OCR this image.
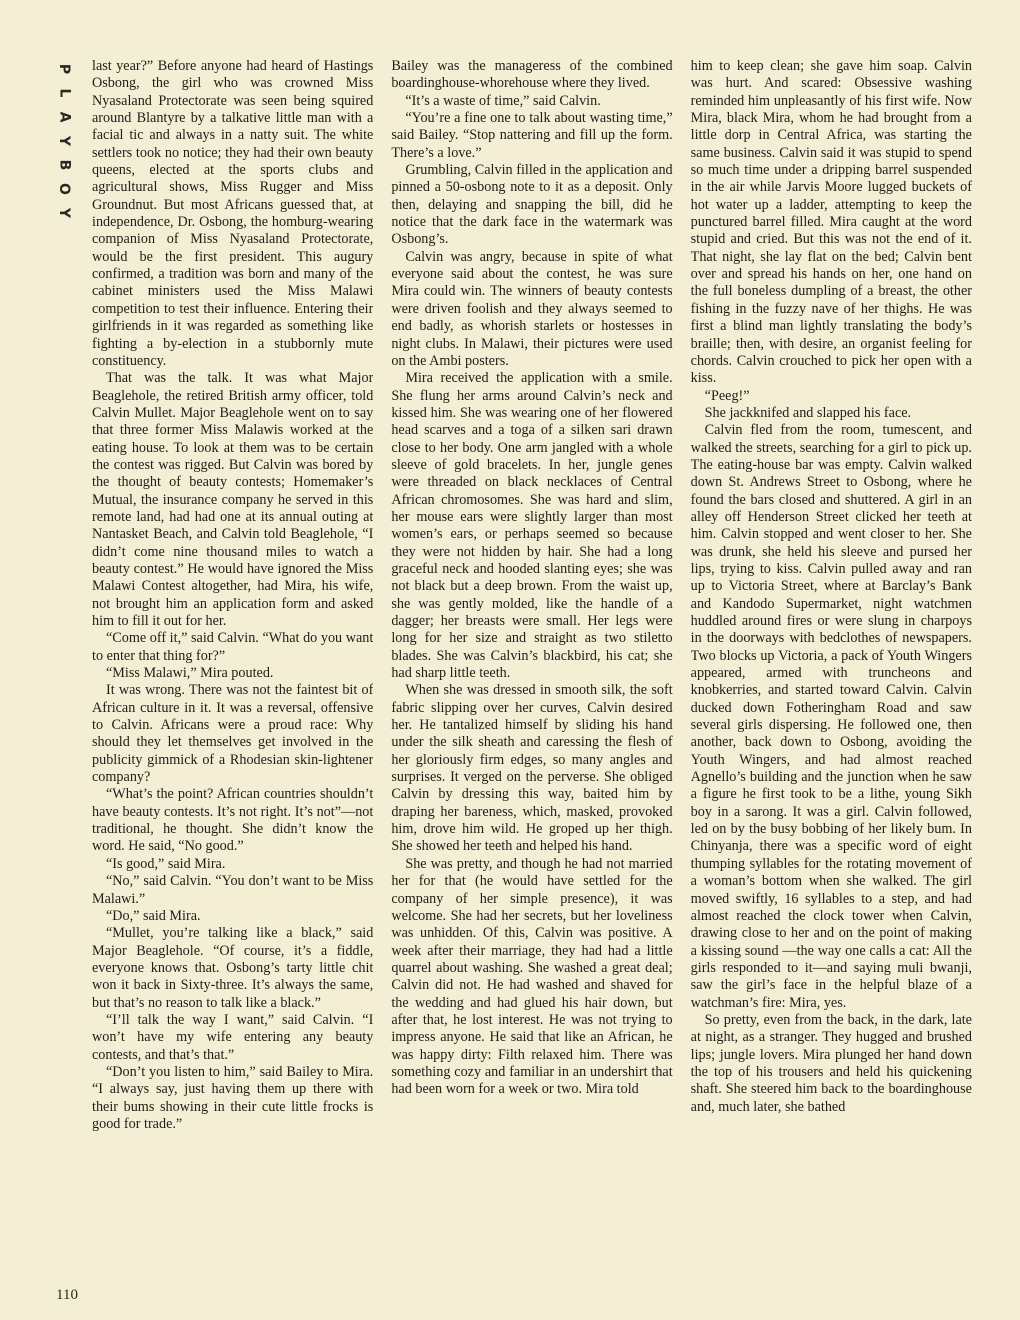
P
L
A
Y
B
O
Y

last year?” Before anyone had heard of Hastings Osbong, the girl who was crowned Miss Nyasaland Protectorate was seen being squired around Blantyre by a talkative little man with a facial tic and always in a natty suit. The white settlers took no notice; they had their own beauty queens, elected at the sports clubs and agricultural shows, Miss Rugger and Miss Groundnut. But most Africans guessed that, at independence, Dr. Osbong, the homburg-wearing companion of Miss Nyasaland Protectorate, would be the first president. This augury confirmed, a tradition was born and many of the cabinet ministers used the Miss Malawi competition to test their influence. Entering their girlfriends in it was regarded as something like fighting a by-election in a stubbornly mute constituency.

That was the talk. It was what Major Beaglehole, the retired British army officer, told Calvin Mullet. Major Beaglehole went on to say that three former Miss Malawis worked at the eating house. To look at them was to be certain the contest was rigged. But Calvin was bored by the thought of beauty contests; Homemaker’s Mutual, the insurance company he served in this remote land, had had one at its annual outing at Nantasket Beach, and Calvin told Beaglehole, “I didn’t come nine thousand miles to watch a beauty contest.” He would have ignored the Miss Malawi Contest altogether, had Mira, his wife, not brought him an application form and asked him to fill it out for her.

“Come off it,” said Calvin. “What do you want to enter that thing for?”

“Miss Malawi,” Mira pouted.

It was wrong. There was not the faintest bit of African culture in it. It was a reversal, offensive to Calvin. Africans were a proud race: Why should they let themselves get involved in the publicity gimmick of a Rhodesian skin-lightener company?

“What’s the point? African countries shouldn’t have beauty contests. It’s not right. It’s not”—not traditional, he thought. She didn’t know the word. He said, “No good.”

“Is good,” said Mira.

“No,” said Calvin. “You don’t want to be Miss Malawi.”

“Do,” said Mira.

“Mullet, you’re talking like a black,” said Major Beaglehole. “Of course, it’s a fiddle, everyone knows that. Osbong’s tarty little chit won it back in Sixty-three. It’s always the same, but that’s no reason to talk like a black.”

“I’ll talk the way I want,” said Calvin. “I won’t have my wife entering any beauty contests, and that’s that.”

“Don’t you listen to him,” said Bailey to Mira. “I always say, just having them up there with their bums showing in their cute little frocks is good for trade.”

Bailey was the manageress of the combined boardinghouse-whorehouse where they lived.

“It’s a waste of time,” said Calvin.

“You’re a fine one to talk about wasting time,” said Bailey. “Stop nattering and fill up the form. There’s a love.”

Grumbling, Calvin filled in the application and pinned a 50-osbong note to it as a deposit. Only then, delaying and snapping the bill, did he notice that the dark face in the watermark was Osbong’s.

Calvin was angry, because in spite of what everyone said about the contest, he was sure Mira could win. The winners of beauty contests were driven foolish and they always seemed to end badly, as whorish starlets or hostesses in night clubs. In Malawi, their pictures were used on the Ambi posters.

Mira received the application with a smile. She flung her arms around Calvin’s neck and kissed him. She was wearing one of her flowered head scarves and a toga of a silken sari drawn close to her body. One arm jangled with a whole sleeve of gold bracelets. In her, jungle genes were threaded on black necklaces of Central African chromosomes. She was hard and slim, her mouse ears were slightly larger than most women’s ears, or perhaps seemed so because they were not hidden by hair. She had a long graceful neck and hooded slanting eyes; she was not black but a deep brown. From the waist up, she was gently molded, like the handle of a dagger; her breasts were small. Her legs were long for her size and straight as two stiletto blades. She was Calvin’s blackbird, his cat; she had sharp little teeth.

When she was dressed in smooth silk, the soft fabric slipping over her curves, Calvin desired her. He tantalized himself by sliding his hand under the silk sheath and caressing the flesh of her gloriously firm edges, so many angles and surprises. It verged on the perverse. She obliged Calvin by dressing this way, baited him by draping her bareness, which, masked, provoked him, drove him wild. He groped up her thigh. She showed her teeth and helped his hand.

She was pretty, and though he had not married her for that (he would have settled for the company of her simple presence), it was welcome. She had her secrets, but her loveliness was unhidden. Of this, Calvin was positive. A week after their marriage, they had had a little quarrel about washing. She washed a great deal; Calvin did not. He had washed and shaved for the wedding and had glued his hair down, but after that, he lost interest. He was not trying to impress anyone. He said that like an African, he was happy dirty: Filth relaxed him. There was something cozy and familiar in an undershirt that had been worn for a week or two. Mira told

him to keep clean; she gave him soap. Calvin was hurt. And scared: Obsessive washing reminded him unpleasantly of his first wife. Now Mira, black Mira, whom he had brought from a little dorp in Central Africa, was starting the same business. Calvin said it was stupid to spend so much time under a dripping barrel suspended in the air while Jarvis Moore lugged buckets of hot water up a ladder, attempting to keep the punctured barrel filled. Mira caught at the word stupid and cried. But this was not the end of it. That night, she lay flat on the bed; Calvin bent over and spread his hands on her, one hand on the full boneless dumpling of a breast, the other fishing in the fuzzy nave of her thighs. He was first a blind man lightly translating the body’s braille; then, with desire, an organist feeling for chords. Calvin crouched to pick her open with a kiss.

“Peeg!”

She jackknifed and slapped his face.

Calvin fled from the room, tumescent, and walked the streets, searching for a girl to pick up. The eating-house bar was empty. Calvin walked down St. Andrews Street to Osbong, where he found the bars closed and shuttered. A girl in an alley off Henderson Street clicked her teeth at him. Calvin stopped and went closer to her. She was drunk, she held his sleeve and pursed her lips, trying to kiss. Calvin pulled away and ran up to Victoria Street, where at Barclay’s Bank and Kandodo Supermarket, night watchmen huddled around fires or were slung in charpoys in the doorways with bedclothes of newspapers. Two blocks up Victoria, a pack of Youth Wingers appeared, armed with truncheons and knobkerries, and started toward Calvin. Calvin ducked down Fotheringham Road and saw several girls dispersing. He followed one, then another, back down to Osbong, avoiding the Youth Wingers, and had almost reached Agnello’s building and the junction when he saw a figure he first took to be a lithe, young Sikh boy in a sarong. It was a girl. Calvin followed, led on by the busy bobbing of her likely bum. In Chinyanja, there was a specific word of eight thumping syllables for the rotating movement of a woman’s bottom when she walked. The girl moved swiftly, 16 syllables to a step, and had almost reached the clock tower when Calvin, drawing close to her and on the point of making a kissing sound —the way one calls a cat: All the girls responded to it—and saying muli bwanji, saw the girl’s face in the helpful blaze of a watchman’s fire: Mira, yes.

So pretty, even from the back, in the dark, late at night, as a stranger. They hugged and brushed lips; jungle lovers. Mira plunged her hand down the top of his trousers and held his quickening shaft. She steered him back to the boardinghouse and, much later, she bathed

110
